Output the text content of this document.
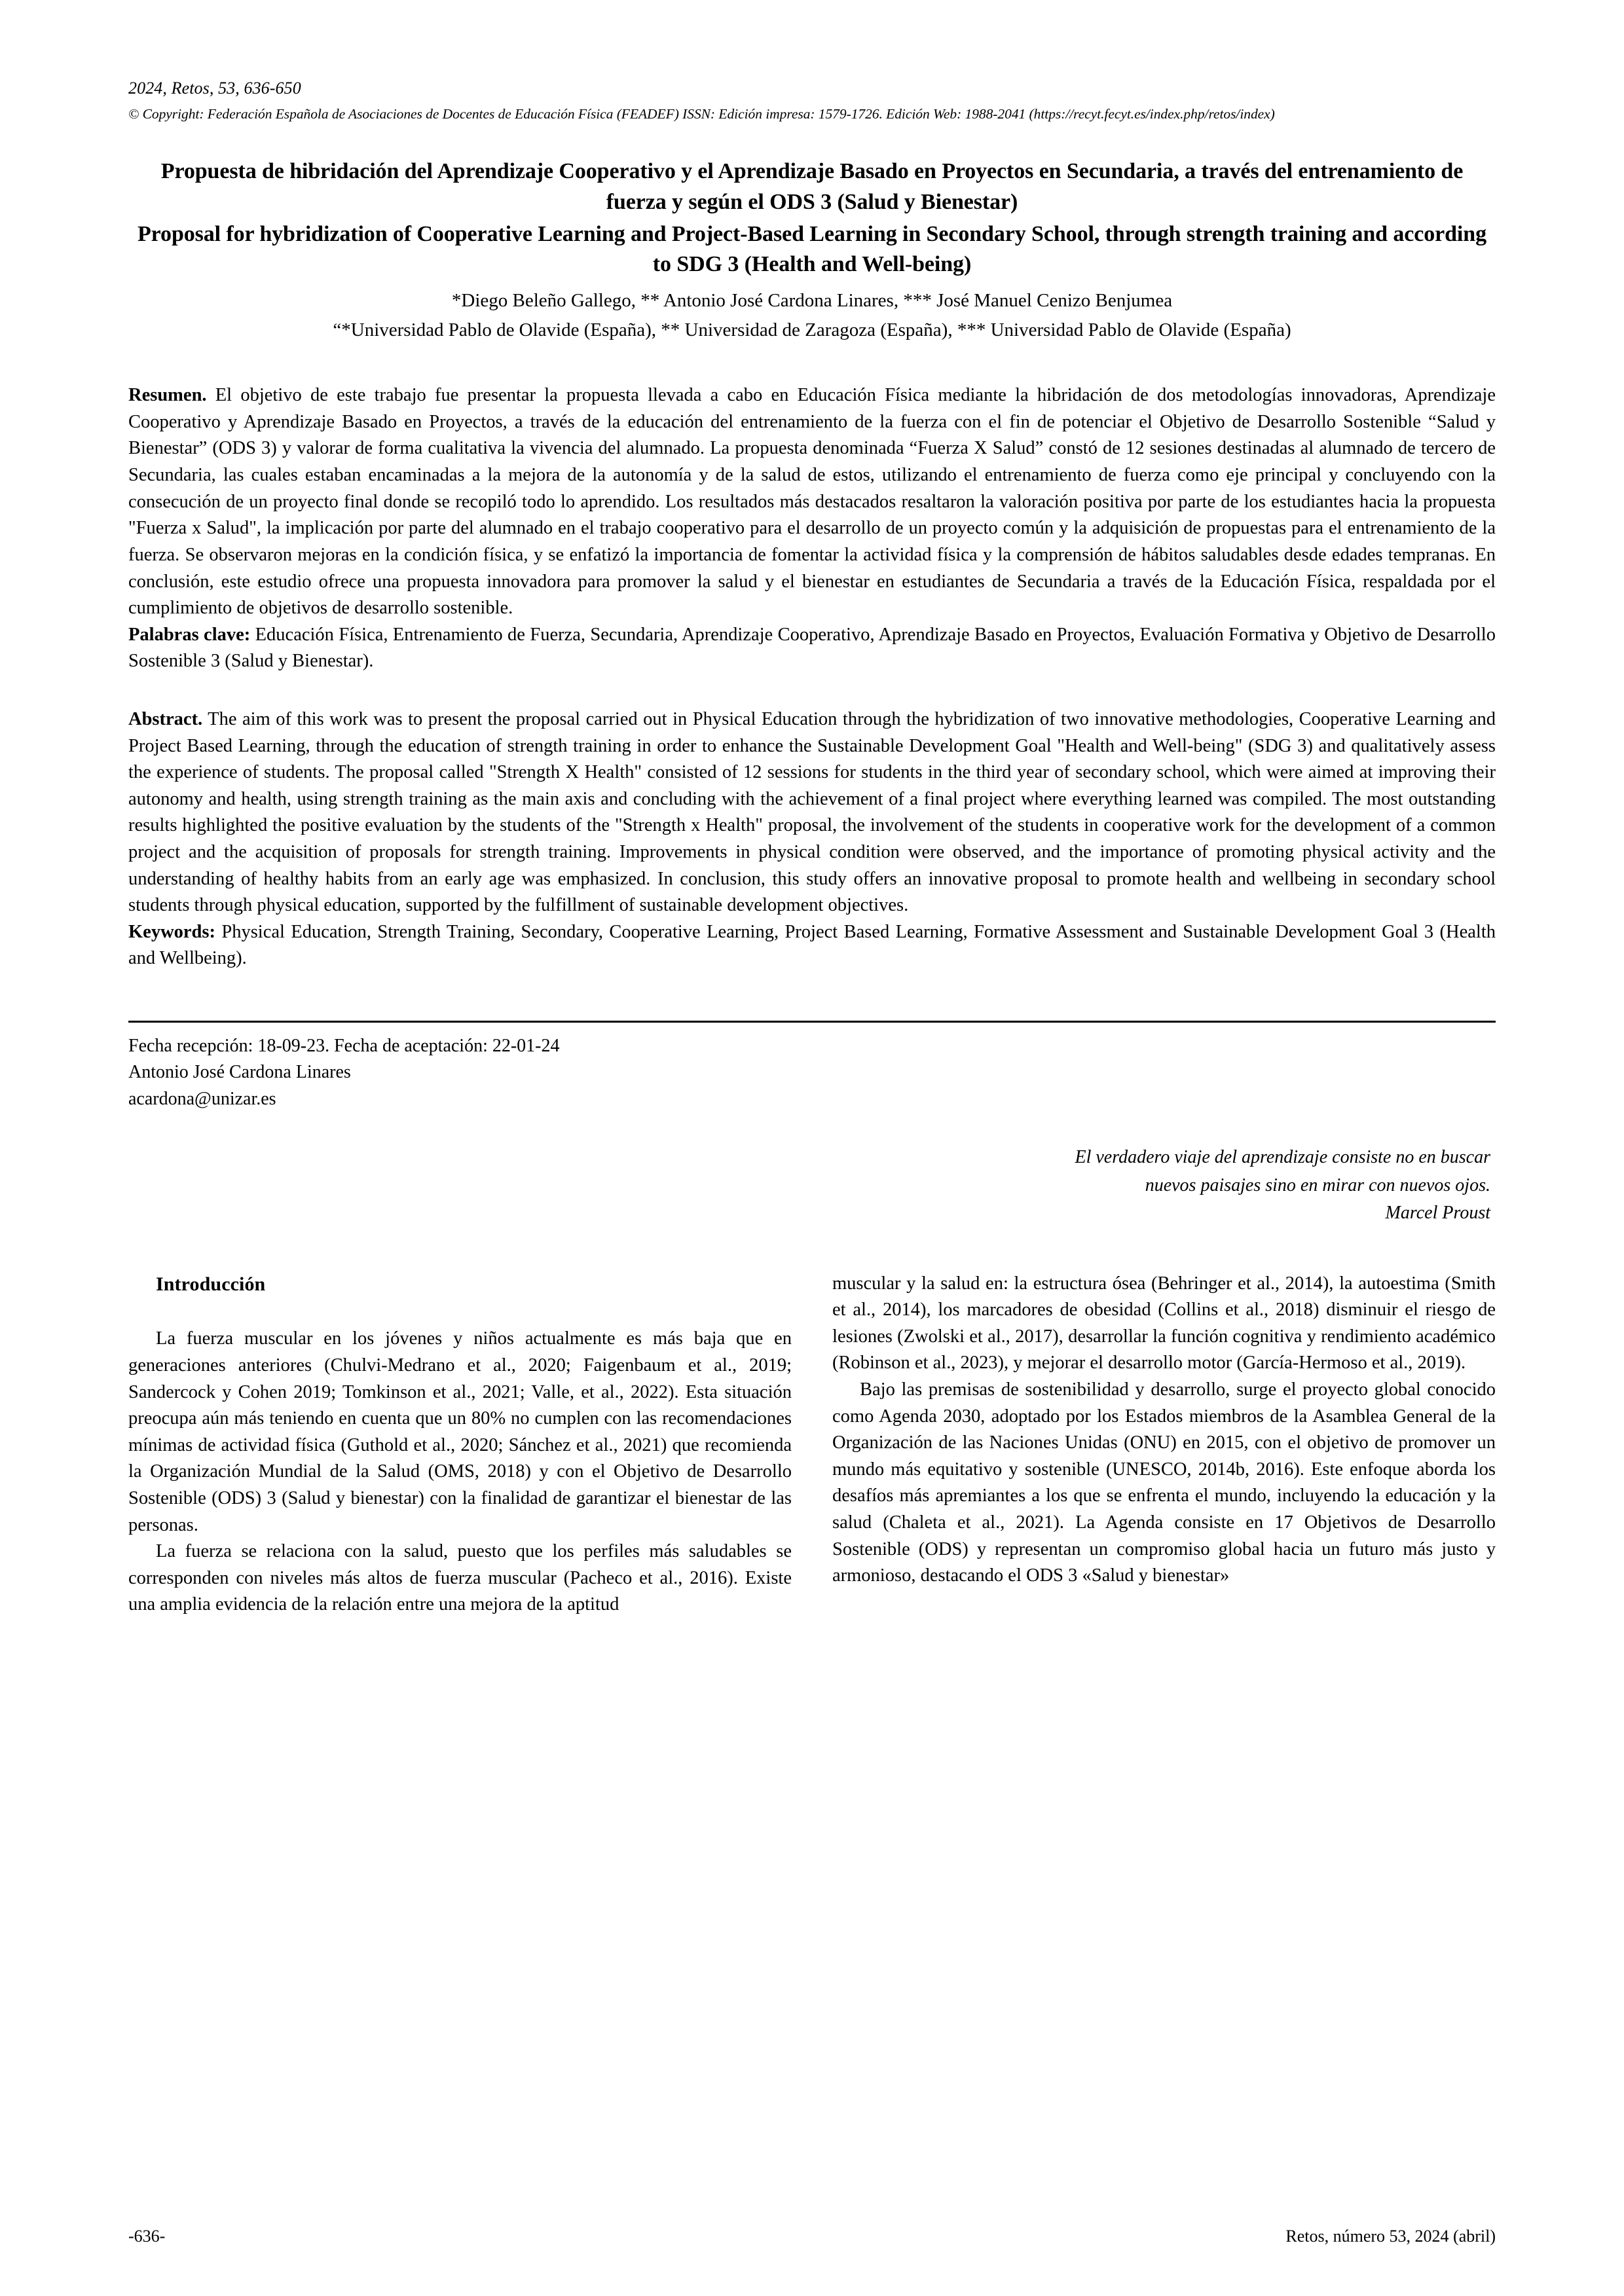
2024, Retos, 53, 636-650
© Copyright: Federación Española de Asociaciones de Docentes de Educación Física (FEADEF) ISSN: Edición impresa: 1579-1726. Edición Web: 1988-2041 (https://recyt.fecyt.es/index.php/retos/index)
Propuesta de hibridación del Aprendizaje Cooperativo y el Aprendizaje Basado en Proyectos en Secundaria, a través del entrenamiento de fuerza y según el ODS 3 (Salud y Bienestar)
Proposal for hybridization of Cooperative Learning and Project-Based Learning in Secondary School, through strength training and according to SDG 3 (Health and Well-being)
*Diego Beleño Gallego, ** Antonio José Cardona Linares, *** José Manuel Cenizo Benjumea
“*Universidad Pablo de Olavide (España), ** Universidad de Zaragoza (España), *** Universidad Pablo de Olavide (España)

Resumen. El objetivo de este trabajo fue presentar la propuesta llevada a cabo en Educación Física mediante la hibridación de dos metodologías innovadoras, Aprendizaje Cooperativo y Aprendizaje Basado en Proyectos, a través de la educación del entrenamiento de la fuerza con el fin de potenciar el Objetivo de Desarrollo Sostenible “Salud y Bienestar” (ODS 3) y valorar de forma cualitativa la vivencia del alumnado. La propuesta denominada “Fuerza X Salud” constó de 12 sesiones destinadas al alumnado de tercero de Secundaria, las cuales estaban encaminadas a la mejora de la autonomía y de la salud de estos, utilizando el entrenamiento de fuerza como eje principal y concluyendo con la consecución de un proyecto final donde se recopiló todo lo aprendido. Los resultados más destacados resaltaron la valoración positiva por parte de los estudiantes hacia la propuesta "Fuerza x Salud", la implicación por parte del alumnado en el trabajo cooperativo para el desarrollo de un proyecto común y la adquisición de propuestas para el entrenamiento de la fuerza. Se observaron mejoras en la condición física, y se enfatizó la importancia de fomentar la actividad física y la comprensión de hábitos saludables desde edades tempranas. En conclusión, este estudio ofrece una propuesta innovadora para promover la salud y el bienestar en estudiantes de Secundaria a través de la Educación Física, respaldada por el cumplimiento de objetivos de desarrollo sostenible.

Palabras clave: Educación Física, Entrenamiento de Fuerza, Secundaria, Aprendizaje Cooperativo, Aprendizaje Basado en Proyectos, Evaluación Formativa y Objetivo de Desarrollo Sostenible 3 (Salud y Bienestar).

Abstract. The aim of this work was to present the proposal carried out in Physical Education through the hybridization of two innovative methodologies, Cooperative Learning and Project Based Learning, through the education of strength training in order to enhance the Sustainable Development Goal "Health and Well-being" (SDG 3) and qualitatively assess the experience of students. The proposal called "Strength X Health" consisted of 12 sessions for students in the third year of secondary school, which were aimed at improving their autonomy and health, using strength training as the main axis and concluding with the achievement of a final project where everything learned was compiled. The most outstanding results highlighted the positive evaluation by the students of the "Strength x Health" proposal, the involvement of the students in cooperative work for the development of a common project and the acquisition of proposals for strength training. Improvements in physical condition were observed, and the importance of promoting physical activity and the understanding of healthy habits from an early age was emphasized. In conclusion, this study offers an innovative proposal to promote health and wellbeing in secondary school students through physical education, supported by the fulfillment of sustainable development objectives.

Keywords: Physical Education, Strength Training, Secondary, Cooperative Learning, Project Based Learning, Formative Assessment and Sustainable Development Goal 3 (Health and Wellbeing).

Fecha recepción: 18-09-23. Fecha de aceptación: 22-01-24
Antonio José Cardona Linares
acardona@unizar.es
El verdadero viaje del aprendizaje consiste no en buscar
nuevos paisajes sino en mirar con nuevos ojos.
Marcel Proust
Introducción

La fuerza muscular en los jóvenes y niños actualmente es más baja que en generaciones anteriores (Chulvi-Medrano et al., 2020; Faigenbaum et al., 2019; Sandercock y Cohen 2019; Tomkinson et al., 2021; Valle, et al., 2022). Esta situación preocupa aún más teniendo en cuenta que un 80% no cumplen con las recomendaciones mínimas de actividad física (Guthold et al., 2020; Sánchez et al., 2021) que recomienda la Organización Mundial de la Salud (OMS, 2018) y con el Objetivo de Desarrollo Sostenible (ODS) 3 (Salud y bienestar) con la finalidad de garantizar el bienestar de las personas.

La fuerza se relaciona con la salud, puesto que los perfiles más saludables se corresponden con niveles más altos de fuerza muscular (Pacheco et al., 2016). Existe una amplia evidencia de la relación entre una mejora de la aptitud

muscular y la salud en: la estructura ósea (Behringer et al., 2014), la autoestima (Smith et al., 2014), los marcadores de obesidad (Collins et al., 2018) disminuir el riesgo de lesiones (Zwolski et al., 2017), desarrollar la función cognitiva y rendimiento académico (Robinson et al., 2023), y mejorar el desarrollo motor (García-Hermoso et al., 2019).

Bajo las premisas de sostenibilidad y desarrollo, surge el proyecto global conocido como Agenda 2030, adoptado por los Estados miembros de la Asamblea General de la Organización de las Naciones Unidas (ONU) en 2015, con el objetivo de promover un mundo más equitativo y sostenible (UNESCO, 2014b, 2016). Este enfoque aborda los desafíos más apremiantes a los que se enfrenta el mundo, incluyendo la educación y la salud (Chaleta et al., 2021). La Agenda consiste en 17 Objetivos de Desarrollo Sostenible (ODS) y representan un compromiso global hacia un futuro más justo y armonioso, destacando el ODS 3 «Salud y bienestar»

-636-	Retos, número 53, 2024 (abril)
